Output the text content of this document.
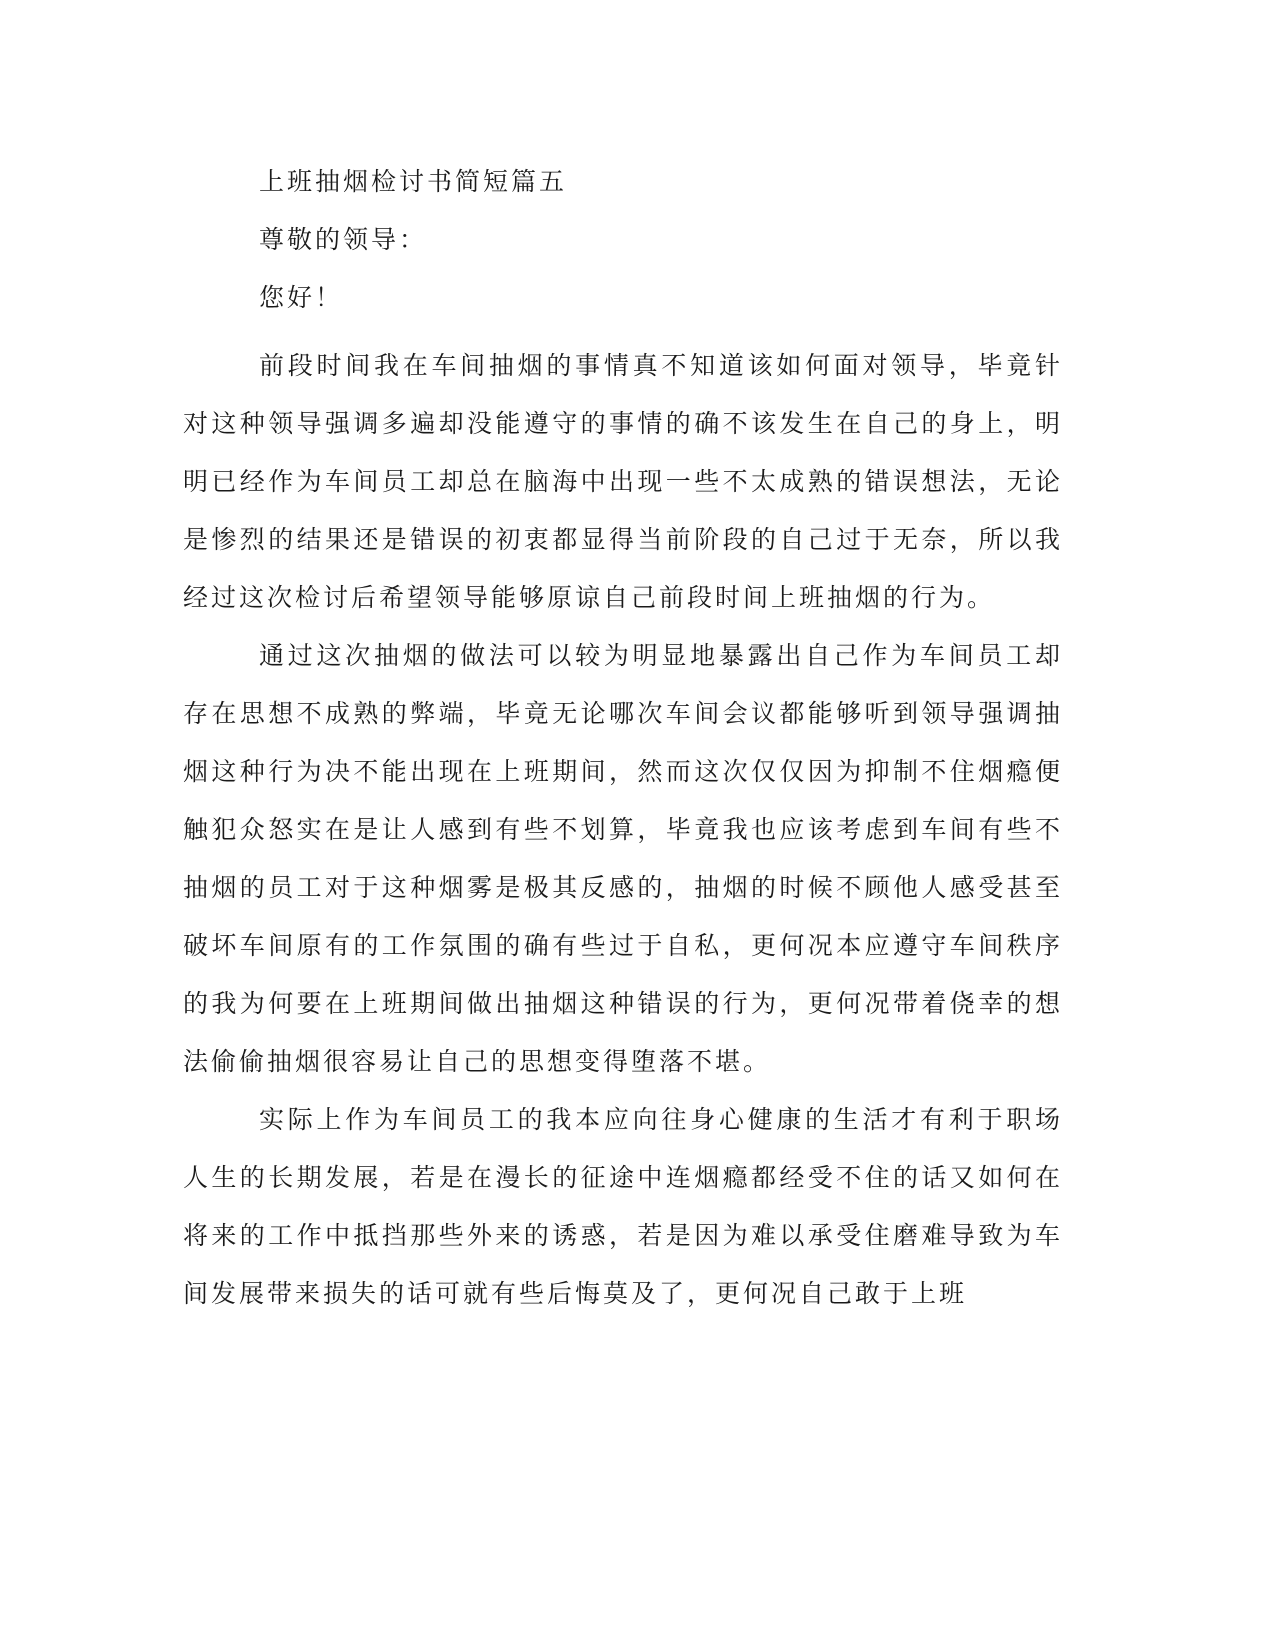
上班抽烟检讨书简短篇五

尊敬的领导：

您好！

前段时间我在车间抽烟的事情真不知道该如何面对领导，毕竟针对这种领导强调多遍却没能遵守的事情的确不该发生在自己的身上，明明已经作为车间员工却总在脑海中出现一些不太成熟的错误想法，无论是惨烈的结果还是错误的初衷都显得当前阶段的自己过于无奈，所以我经过这次检讨后希望领导能够原谅自己前段时间上班抽烟的行为。

通过这次抽烟的做法可以较为明显地暴露出自己作为车间员工却存在思想不成熟的弊端，毕竟无论哪次车间会议都能够听到领导强调抽烟这种行为决不能出现在上班期间，然而这次仅仅因为抑制不住烟瘾便触犯众怒实在是让人感到有些不划算，毕竟我也应该考虑到车间有些不抽烟的员工对于这种烟雾是极其反感的，抽烟的时候不顾他人感受甚至破坏车间原有的工作氛围的确有些过于自私，更何况本应遵守车间秩序的我为何要在上班期间做出抽烟这种错误的行为，更何况带着侥幸的想法偷偷抽烟很容易让自己的思想变得堕落不堪。

实际上作为车间员工的我本应向往身心健康的生活才有利于职场人生的长期发展，若是在漫长的征途中连烟瘾都经受不住的话又如何在将来的工作中抵挡那些外来的诱惑，若是因为难以承受住磨难导致为车间发展带来损失的话可就有些后悔莫及了，更何况自己敢于上班
